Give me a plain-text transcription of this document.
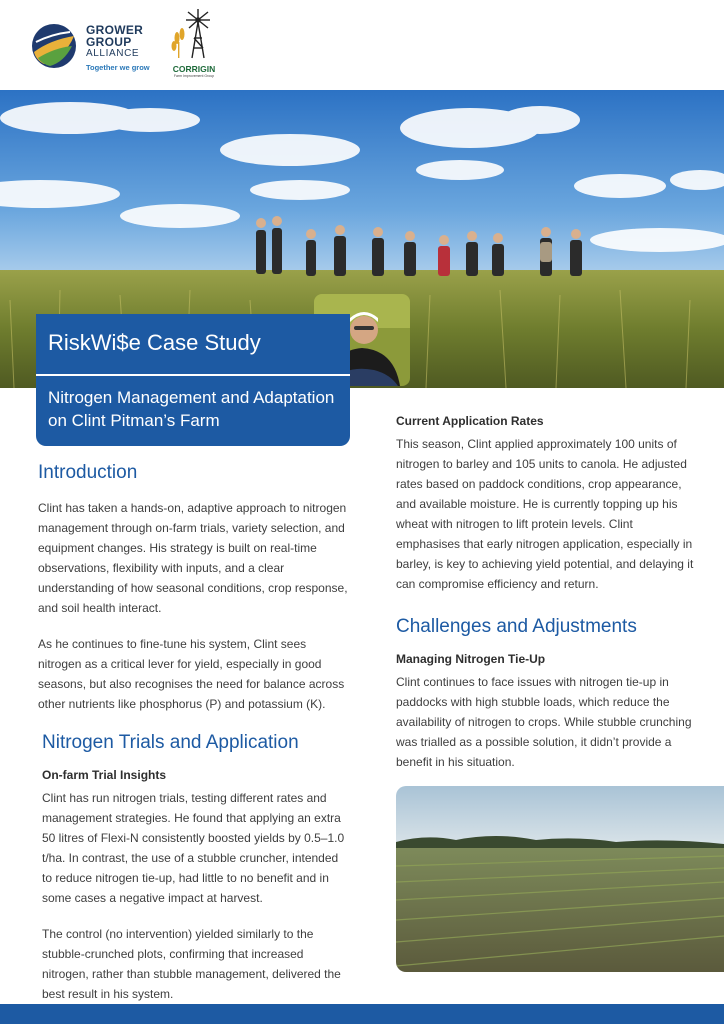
GROWER
GROUP
ALLIANCE
Together we grow	CORRIGIN
Farm Improvement Group
RiskWi$e Case Study
Nitrogen Management and Adaptation on Clint Pitman’s Farm
Introduction
Clint has taken a hands-on, adaptive approach to nitrogen management through on-farm trials, variety selection, and equipment changes. His strategy is built on real-time observations, flexibility with inputs, and a clear understanding of how seasonal conditions, crop response, and soil health interact.
As he continues to fine-tune his system, Clint sees nitrogen as a critical lever for yield, especially in good seasons, but also recognises the need for balance across other nutrients like phosphorus (P) and potassium (K).
Nitrogen Trials and Application
On-farm Trial Insights
Clint has run nitrogen trials, testing different rates and management strategies. He found that applying an extra 50 litres of Flexi-N consistently boosted yields by 0.5–1.0 t/ha. In contrast, the use of a stubble cruncher, intended to reduce nitrogen tie-up, had little to no benefit and in some cases a negative impact at harvest.
The control (no intervention) yielded similarly to the stubble-crunched plots, confirming that increased nitrogen, rather than stubble management, delivered the best result in his system.
Current Application Rates
This season, Clint applied approximately 100 units of nitrogen to barley and 105 units to canola. He adjusted rates based on paddock conditions, crop appearance, and available moisture. He is currently topping up his wheat with nitrogen to lift protein levels. Clint emphasises that early nitrogen application, especially in barley, is key to achieving yield potential, and delaying it can compromise efficiency and return.
Challenges and Adjustments
Managing Nitrogen Tie-Up
Clint continues to face issues with nitrogen tie-up in paddocks with high stubble loads, which reduce the availability of nitrogen to crops. While stubble crunching was trialled as a possible solution, it didn’t provide a benefit in his situation.
